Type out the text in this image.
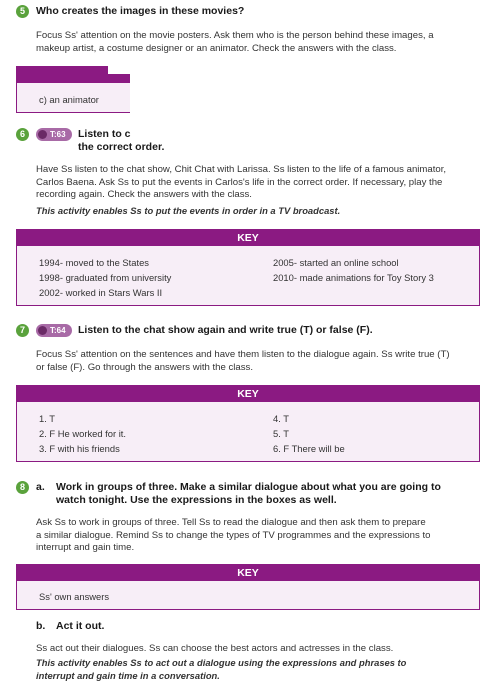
5	Who creates the images in these movies?
Focus Ss' attention on the movie posters. Ask them who is the person behind these images, a
makeup artist, a costume designer or an animator. Check the answers with the class.
c) an animator
6	T:63	Listen to c
the correct order.
Have Ss listen to the chat show, Chit Chat with Larissa. Ss listen to the life of a famous animator,
Carlos Baena. Ask Ss to put the events in Carlos's life in the correct order. If necessary, play the
recording again. Check the answers with the class.
This activity enables Ss to put the events in order in a TV broadcast.
KEY
1994- moved to the States
1998- graduated from university
2002- worked in Stars Wars II
2005- started an online school
2010- made animations for Toy Story 3
7	T:64	Listen to the chat show again and write true (T) or false (F).
Focus Ss' attention on the sentences and have them listen to the dialogue again. Ss write true (T)
or false (F). Go through the answers with the class.
KEY
1. T
2. F He worked for it.
3. F with his friends
4. T
5. T
6. F There will be
8	a. Work in groups of three. Make a similar dialogue about what you are going to
watch tonight. Use the expressions in the boxes as well.
Ask Ss to work in groups of three. Tell Ss to read the dialogue and then ask them to prepare
a similar dialogue. Remind Ss to change the types of TV programmes and the expressions to
interrupt and gain time.
KEY
Ss' own answers
b. Act it out.
Ss act out their dialogues. Ss can choose the best actors and actresses in the class.
This activity enables Ss to act out a dialogue using the expressions and phrases to
interrupt and gain time in a conversation.
